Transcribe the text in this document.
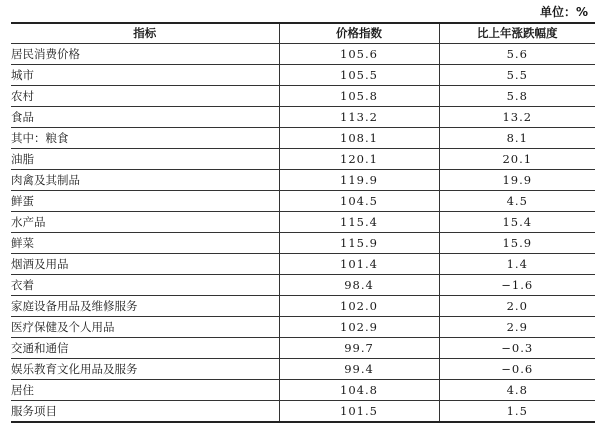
单位：%
指标	价格指数	比上年涨跌幅度
居民消费价格	105.6	5.6
城市	105.5	5.5
农村	105.8	5.8
食品	113.2	13.2
其中：粮食	108.1	8.1
油脂	120.1	20.1
肉禽及其制品	119.9	19.9
鲜蛋	104.5	4.5
水产品	115.4	15.4
鲜菜	115.9	15.9
烟酒及用品	101.4	1.4
衣着	98.4	−1.6
家庭设备用品及维修服务	102.0	2.0
医疗保健及个人用品	102.9	2.9
交通和通信	99.7	−0.3
娱乐教育文化用品及服务	99.4	−0.6
居住	104.8	4.8
服务项目	101.5	1.5
